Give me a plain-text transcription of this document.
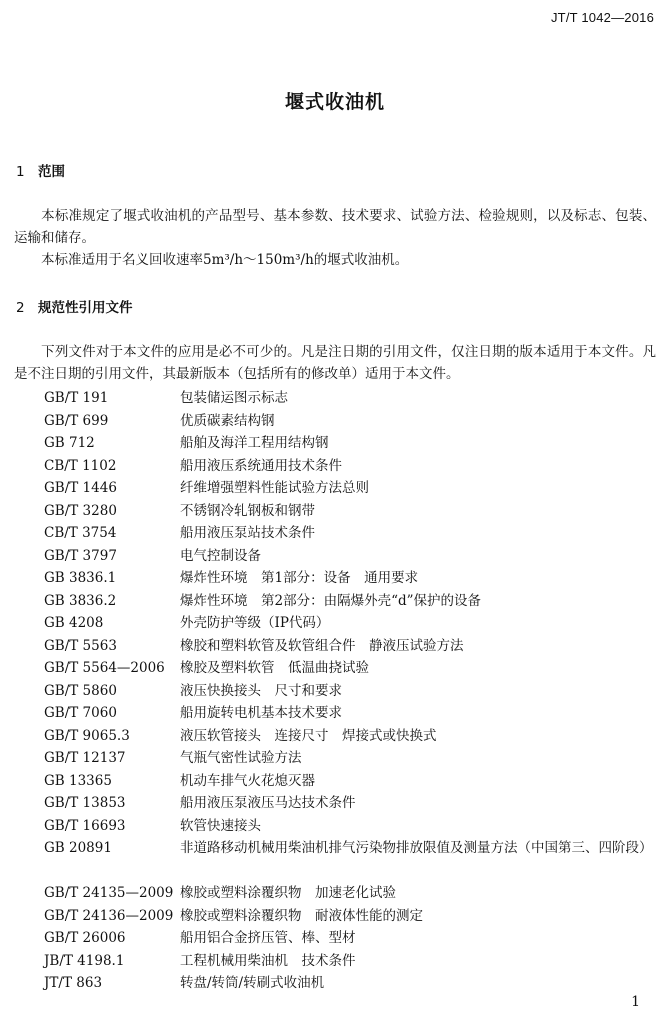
JT/T 1042—2016
堰式收油机
1 范围
本标准规定了堰式收油机的产品型号、基本参数、技术要求、试验方法、检验规则，以及标志、包装、运输和储存。
本标准适用于名义回收速率5m³/h～150m³/h的堰式收油机。
2 规范性引用文件
下列文件对于本文件的应用是必不可少的。凡是注日期的引用文件，仅注日期的版本适用于本文件。凡是不注日期的引用文件，其最新版本（包括所有的修改单）适用于本文件。
GB/T 191	包装储运图示标志
GB/T 699	优质碳素结构钢
GB 712	船舶及海洋工程用结构钢
CB/T 1102	船用液压系统通用技术条件
GB/T 1446	纤维增强塑料性能试验方法总则
GB/T 3280	不锈钢冷轧钢板和钢带
CB/T 3754	船用液压泵站技术条件
GB/T 3797	电气控制设备
GB 3836.1	爆炸性环境　第1部分：设备　通用要求
GB 3836.2	爆炸性环境　第2部分：由隔爆外壳“d”保护的设备
GB 4208	外壳防护等级（IP代码）
GB/T 5563	橡胶和塑料软管及软管组合件　静液压试验方法
GB/T 5564—2006	橡胶及塑料软管　低温曲挠试验
GB/T 5860	液压快换接头　尺寸和要求
GB/T 7060	船用旋转电机基本技术要求
GB/T 9065.3	液压软管接头　连接尺寸　焊接式或快换式
GB/T 12137	气瓶气密性试验方法
GB 13365	机动车排气火花熄灭器
GB/T 13853	船用液压泵液压马达技术条件
GB/T 16693	软管快速接头
GB 20891	非道路移动机械用柴油机排气污染物排放限值及测量方法（中国第三、四阶段）
GB/T 24135—2009 橡胶或塑料涂覆织物　加速老化试验
GB/T 24136—2009 橡胶或塑料涂覆织物　耐液体性能的测定
GB/T 26006	船用铝合金挤压管、棒、型材
JB/T 4198.1	工程机械用柴油机　技术条件
JT/T 863	转盘/转筒/转刷式收油机
1
